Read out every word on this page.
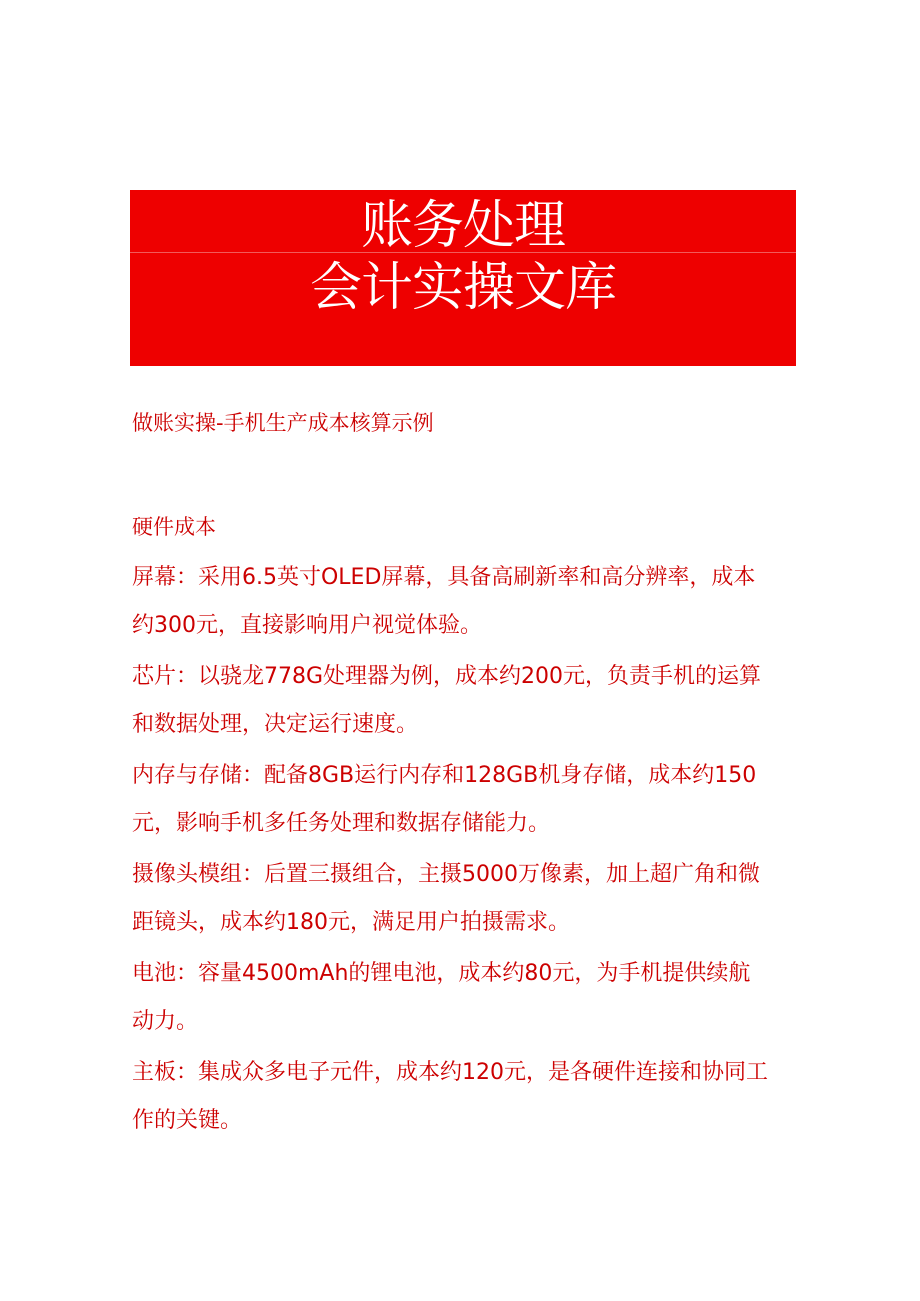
账务处理
会计实操文库
做账实操-手机生产成本核算示例
硬件成本
屏幕：采用6.5英寸OLED屏幕，具备高刷新率和高分辨率，成本
约300元，直接影响用户视觉体验。
芯片：以骁龙778G处理器为例，成本约200元，负责手机的运算
和数据处理，决定运行速度。
内存与存储：配备8GB运行内存和128GB机身存储，成本约150
元，影响手机多任务处理和数据存储能力。
摄像头模组：后置三摄组合，主摄5000万像素，加上超广角和微
距镜头，成本约180元，满足用户拍摄需求。
电池：容量4500mAh的锂电池，成本约80元，为手机提供续航
动力。
主板：集成众多电子元件，成本约120元，是各硬件连接和协同工
作的关键。
